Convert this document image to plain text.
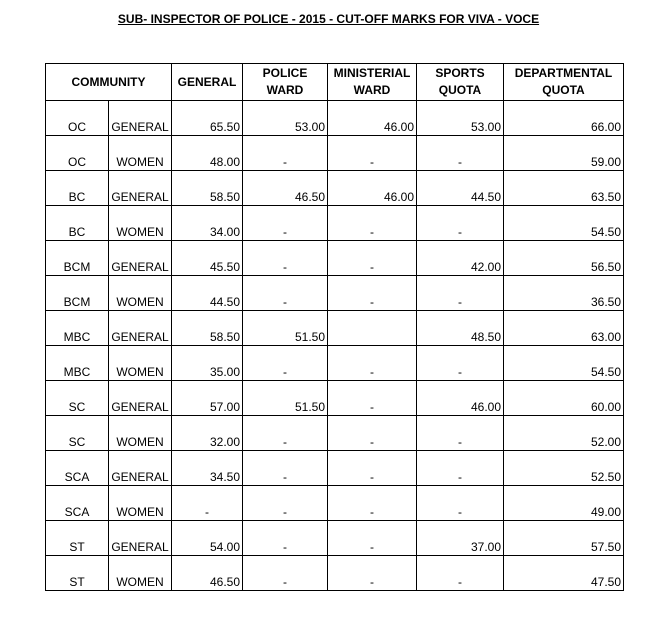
SUB- INSPECTOR OF POLICE - 2015 - CUT-OFF MARKS FOR VIVA - VOCE
COMMUNITY		GENERAL	POLICE WARD	MINISTERIAL WARD	SPORTS QUOTA	DEPARTMENTAL QUOTA
OC	GENERAL	65.50	53.00	46.00	53.00	66.00
OC	WOMEN	48.00	-	-	-	59.00
BC	GENERAL	58.50	46.50	46.00	44.50	63.50
BC	WOMEN	34.00	-	-	-	54.50
BCM	GENERAL	45.50	-	-	42.00	56.50
BCM	WOMEN	44.50	-	-	-	36.50
MBC	GENERAL	58.50	51.50		48.50	63.00
MBC	WOMEN	35.00	-	-	-	54.50
SC	GENERAL	57.00	51.50	-	46.00	60.00
SC	WOMEN	32.00	-	-	-	52.00
SCA	GENERAL	34.50	-	-	-	52.50
SCA	WOMEN	-	-	-	-	49.00
ST	GENERAL	54.00	-	-	37.00	57.50
ST	WOMEN	46.50	-	-	-	47.50
